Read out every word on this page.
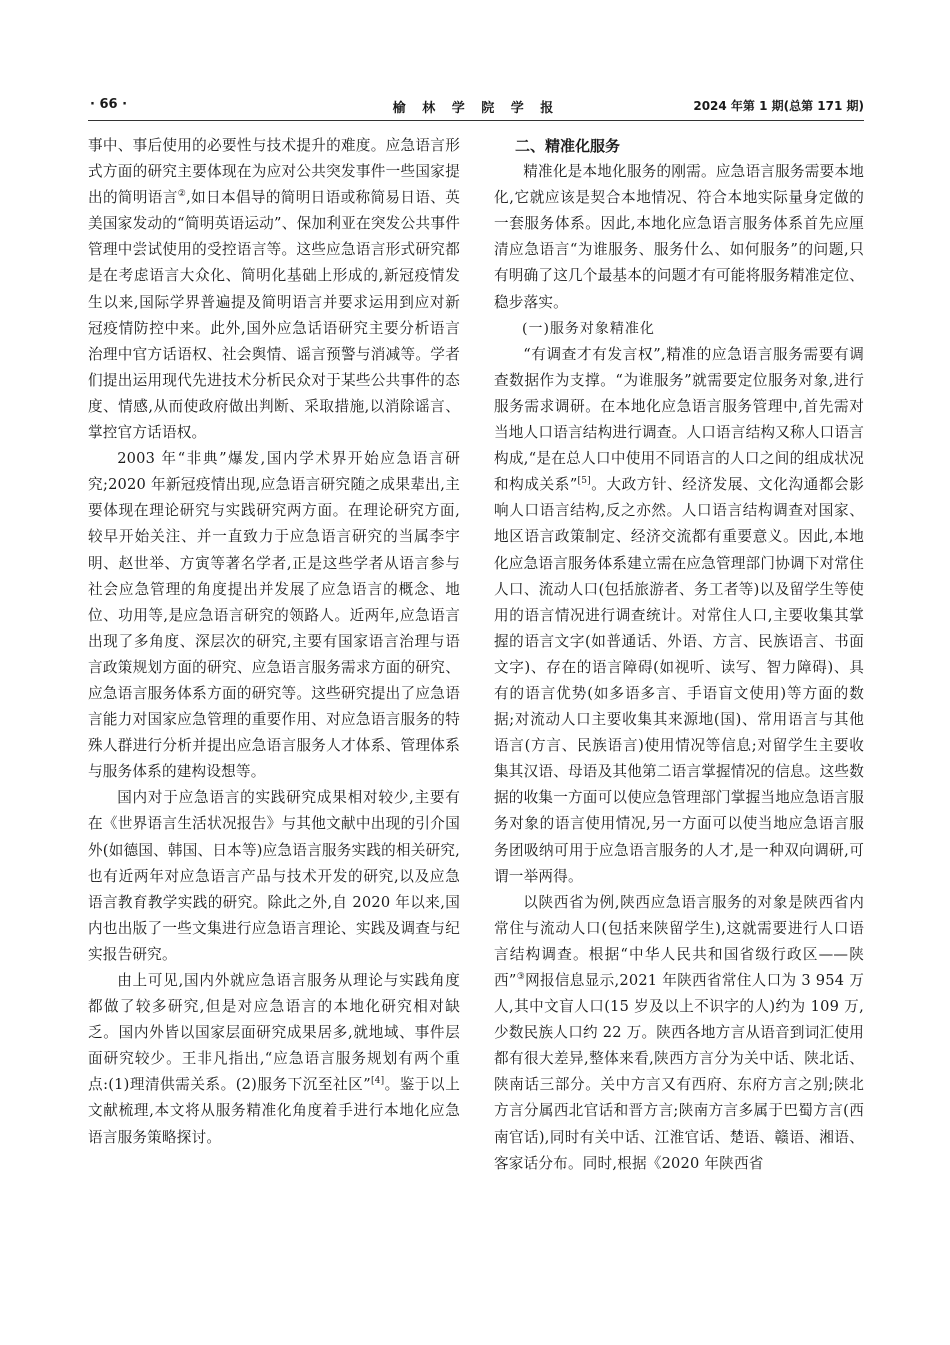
· 66 ·	榆 林 学 院 学 报	2024 年第 1 期(总第 171 期)

事中、事后使用的必要性与技术提升的难度。应急语言形式方面的研究主要体现在为应对公共突发事件一些国家提出的简明语言②,如日本倡导的简明日语或称简易日语、英美国家发动的“简明英语运动”、保加利亚在突发公共事件管理中尝试使用的受控语言等。这些应急语言形式研究都是在考虑语言大众化、简明化基础上形成的,新冠疫情发生以来,国际学界普遍提及简明语言并要求运用到应对新冠疫情防控中来。此外,国外应急话语研究主要分析语言治理中官方话语权、社会舆情、谣言预警与消减等。学者们提出运用现代先进技术分析民众对于某些公共事件的态度、情感,从而使政府做出判断、采取措施,以消除谣言、掌控官方话语权。

2003 年“非典”爆发,国内学术界开始应急语言研究;2020 年新冠疫情出现,应急语言研究随之成果辈出,主要体现在理论研究与实践研究两方面。在理论研究方面,较早开始关注、并一直致力于应急语言研究的当属李宇明、赵世举、方寅等著名学者,正是这些学者从语言参与社会应急管理的角度提出并发展了应急语言的概念、地位、功用等,是应急语言研究的领路人。近两年,应急语言出现了多角度、深层次的研究,主要有国家语言治理与语言政策规划方面的研究、应急语言服务需求方面的研究、应急语言服务体系方面的研究等。这些研究提出了应急语言能力对国家应急管理的重要作用、对应急语言服务的特殊人群进行分析并提出应急语言服务人才体系、管理体系与服务体系的建构设想等。

国内对于应急语言的实践研究成果相对较少,主要有在《世界语言生活状况报告》与其他文献中出现的引介国外(如德国、韩国、日本等)应急语言服务实践的相关研究,也有近两年对应急语言产品与技术开发的研究,以及应急语言教育教学实践的研究。除此之外,自 2020 年以来,国内也出版了一些文集进行应急语言理论、实践及调查与纪实报告研究。

由上可见,国内外就应急语言服务从理论与实践角度都做了较多研究,但是对应急语言的本地化研究相对缺乏。国内外皆以国家层面研究成果居多,就地域、事件层面研究较少。王非凡指出,“应急语言服务规划有两个重点:(1)理清供需关系。(2)服务下沉至社区”[4]。鉴于以上文献梳理,本文将从服务精准化角度着手进行本地化应急语言服务策略探讨。

二、精准化服务

精准化是本地化服务的刚需。应急语言服务需要本地化,它就应该是契合本地情况、符合本地实际量身定做的一套服务体系。因此,本地化应急语言服务体系首先应厘清应急语言“为谁服务、服务什么、如何服务”的问题,只有明确了这几个最基本的问题才有可能将服务精准定位、稳步落实。

(一)服务对象精准化

“有调查才有发言权”,精准的应急语言服务需要有调查数据作为支撑。“为谁服务”就需要定位服务对象,进行服务需求调研。在本地化应急语言服务管理中,首先需对当地人口语言结构进行调查。人口语言结构又称人口语言构成,“是在总人口中使用不同语言的人口之间的组成状况和构成关系”[5]。大政方针、经济发展、文化沟通都会影响人口语言结构,反之亦然。人口语言结构调查对国家、地区语言政策制定、经济交流都有重要意义。因此,本地化应急语言服务体系建立需在应急管理部门协调下对常住人口、流动人口(包括旅游者、务工者等)以及留学生等使用的语言情况进行调查统计。对常住人口,主要收集其掌握的语言文字(如普通话、外语、方言、民族语言、书面文字)、存在的语言障碍(如视听、读写、智力障碍)、具有的语言优势(如多语多言、手语盲文使用)等方面的数据;对流动人口主要收集其来源地(国)、常用语言与其他语言(方言、民族语言)使用情况等信息;对留学生主要收集其汉语、母语及其他第二语言掌握情况的信息。这些数据的收集一方面可以使应急管理部门掌握当地应急语言服务对象的语言使用情况,另一方面可以使当地应急语言服务团吸纳可用于应急语言服务的人才,是一种双向调研,可谓一举两得。

以陕西省为例,陕西应急语言服务的对象是陕西省内常住与流动人口(包括来陕留学生),这就需要进行人口语言结构调查。根据“中华人民共和国省级行政区——陕西”③网报信息显示,2021 年陕西省常住人口为 3 954 万人,其中文盲人口(15 岁及以上不识字的人)约为 109 万,少数民族人口约 22 万。陕西各地方言从语音到词汇使用都有很大差异,整体来看,陕西方言分为关中话、陕北话、陕南话三部分。关中方言又有西府、东府方言之别;陕北方言分属西北官话和晋方言;陕南方言多属于巴蜀方言(西南官话),同时有关中话、江淮官话、楚语、赣语、湘语、客家话分布。同时,根据《2020 年陕西省
